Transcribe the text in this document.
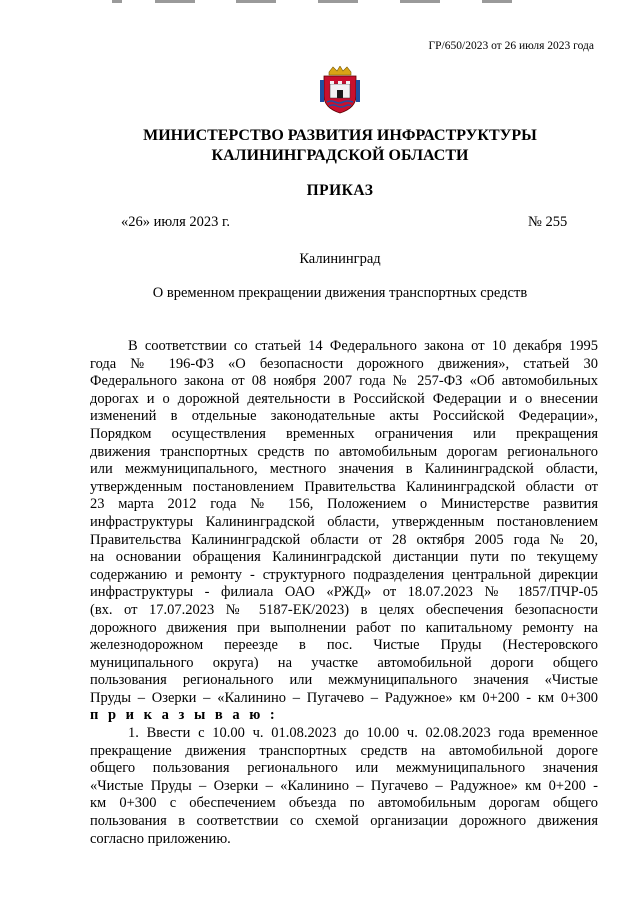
ГР/650/2023 от 26 июля 2023 года
МИНИСТЕРСТВО РАЗВИТИЯ ИНФРАСТРУКТУРЫ
КАЛИНИНГРАДСКОЙ ОБЛАСТИ
ПРИКАЗ
«26» июля 2023 г.	№ 255
Калининград
О временном прекращении движения транспортных средств

В соответствии со статьей 14 Федерального закона от 10 декабря 1995

года № 196-ФЗ «О безопасности дорожного движения», статьей 30

Федерального закона от 08 ноября 2007 года № 257-ФЗ «Об автомобильных

дорогах и о дорожной деятельности в Российской Федерации и о внесении

изменений в отдельные законодательные акты Российской Федерации»,

Порядком осуществления временных ограничения или прекращения

движения транспортных средств по автомобильным дорогам регионального

или межмуниципального, местного значения в Калининградской области,

утвержденным постановлением Правительства Калининградской области от

23 марта 2012 года № 156, Положением о Министерстве развития

инфраструктуры Калининградской области, утвержденным постановлением

Правительства Калининградской области от 28 октября 2005 года № 20,

на основании обращения Калининградской дистанции пути по текущему

содержанию и ремонту - структурного подразделения центральной дирекции

инфраструктуры - филиала ОАО «РЖД» от 18.07.2023 № 1857/ПЧР-05

(вх. от 17.07.2023 № 5187-ЕК/2023) в целях обеспечения безопасности

дорожного движения при выполнении работ по капитальному ремонту на

железнодорожном переезде в пос. Чистые Пруды (Нестеровского

муниципального округа) на участке автомобильной дороги общего

пользования регионального или межмуниципального значения «Чистые

Пруды – Озерки – «Калинино – Пугачево – Радужное» км 0+200 - км 0+300

п р и к а з ы в а ю :

1. Ввести с 10.00 ч. 01.08.2023 до 10.00 ч. 02.08.2023 года временное

прекращение движения транспортных средств на автомобильной дороге

общего пользования регионального или межмуниципального значения

«Чистые Пруды – Озерки – «Калинино – Пугачево – Радужное» км 0+200 -

км 0+300 с обеспечением объезда по автомобильным дорогам общего

пользования в соответствии со схемой организации дорожного движения

согласно приложению.
